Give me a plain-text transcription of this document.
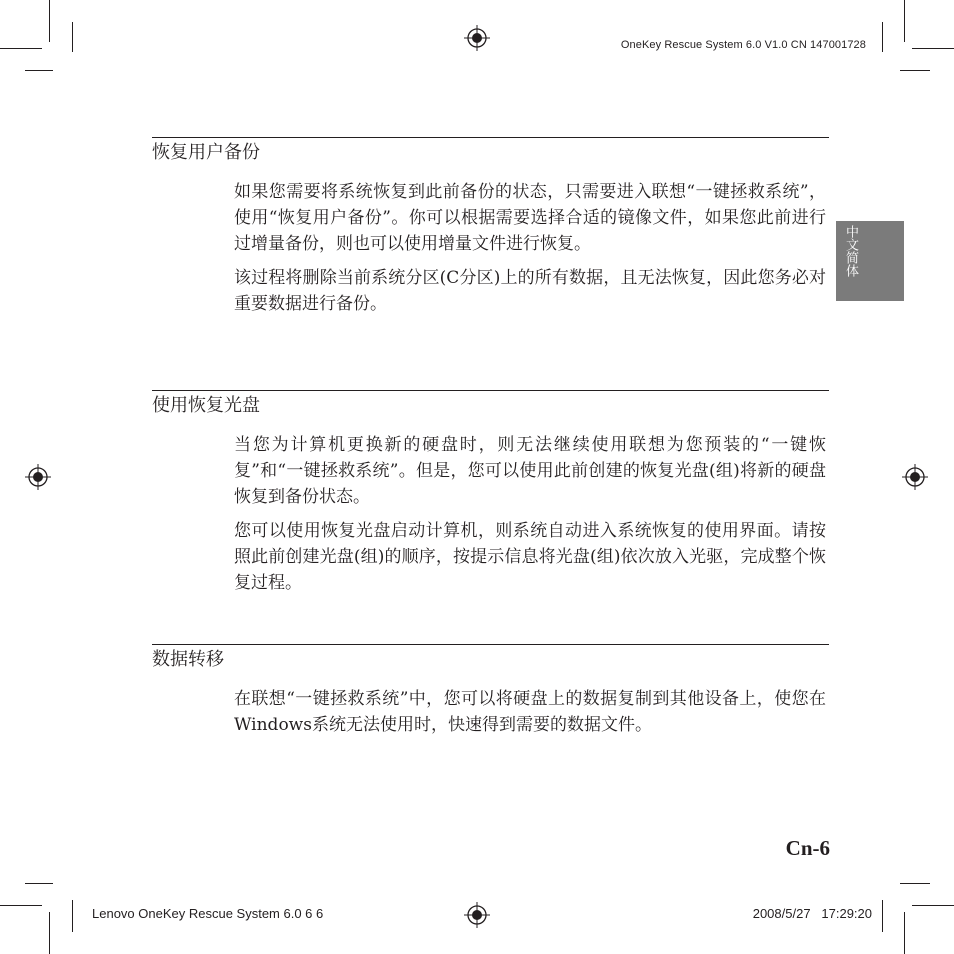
OneKey Rescue System 6.0 V1.0 CN 147001728
中文简体
恢复用户备份

如果您需要将系统恢复到此前备份的状态，只需要进入联想“一键拯救系统”，使用“恢复用户备份”。你可以根据需要选择合适的镜像文件，如果您此前进行过增量备份，则也可以使用增量文件进行恢复。

该过程将删除当前系统分区(C分区)上的所有数据，且无法恢复，因此您务必对重要数据进行备份。

使用恢复光盘

当您为计算机更换新的硬盘时，则无法继续使用联想为您预装的“一键恢复”和“一键拯救系统”。但是，您可以使用此前创建的恢复光盘(组)将新的硬盘恢复到备份状态。

您可以使用恢复光盘启动计算机，则系统自动进入系统恢复的使用界面。请按照此前创建光盘(组)的顺序，按提示信息将光盘(组)依次放入光驱，完成整个恢复过程。

数据转移

在联想“一键拯救系统”中，您可以将硬盘上的数据复制到其他设备上，使您在Windows系统无法使用时，快速得到需要的数据文件。

Cn-6
Lenovo OneKey Rescue System 6.0 6 6	2008/5/27   17:29:20
